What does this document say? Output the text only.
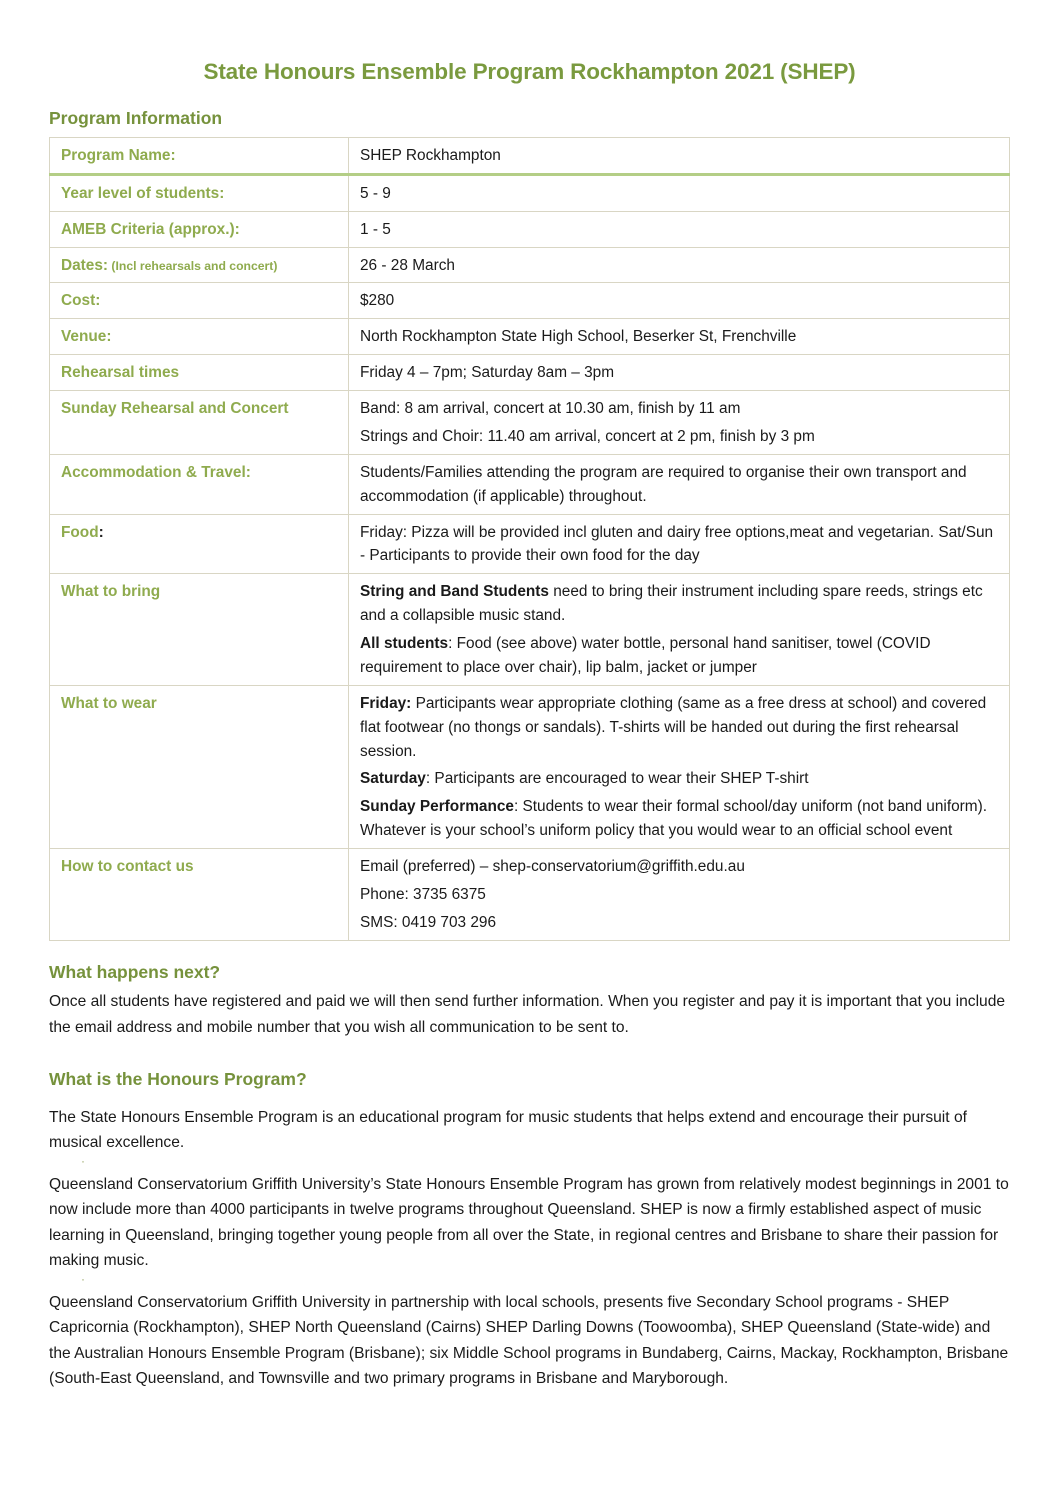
State Honours Ensemble Program Rockhampton 2021 (SHEP)
Program Information
Program Name:	SHEP Rockhampton

Year level of students:	5 - 9

AMEB Criteria (approx.):	1 - 5

Dates: (Incl rehearsals and concert)	26 - 28 March

Cost:	$280

Venue:	North Rockhampton State High School, Beserker St, Frenchville

Rehearsal times	Friday 4 – 7pm; Saturday 8am – 3pm

Sunday Rehearsal and Concert	Band: 8 am arrival, concert at 10.30 am, finish by 11 am

Strings and Choir: 11.40 am arrival, concert at 2 pm, finish by 3 pm

Accommodation & Travel:	Students/Families attending the program are required to organise their own transport and accommodation (if applicable) throughout.

Food:	Friday: Pizza will be provided incl gluten and dairy free options,meat and vegetarian. Sat/Sun - Participants to provide their own food for the day

What to bring	String and Band Students need to bring their instrument including spare reeds, strings etc and a collapsible music stand.

All students: Food (see above) water bottle, personal hand sanitiser, towel (COVID requirement to place over chair), lip balm, jacket or jumper

What to wear	Friday: Participants wear appropriate clothing (same as a free dress at school) and covered flat footwear (no thongs or sandals). T-shirts will be handed out during the first rehearsal session.

Saturday: Participants are encouraged to wear their SHEP T-shirt

Sunday Performance: Students to wear their formal school/day uniform (not band uniform). Whatever is your school’s uniform policy that you would wear to an official school event

How to contact us	Email (preferred) – shep-conservatorium@griffith.edu.au

Phone: 3735 6375

SMS: 0419 703 296

What happens next?

Once all students have registered and paid we will then send further information. When you register and pay it is important that you include the email address and mobile number that you wish all communication to be sent to.

What is the Honours Program?

The State Honours Ensemble Program is an educational program for music students that helps extend and encourage their pursuit of musical excellence.

·

Queensland Conservatorium Griffith University’s State Honours Ensemble Program has grown from relatively modest beginnings in 2001 to now include more than 4000 participants in twelve programs throughout Queensland. SHEP is now a firmly established aspect of music learning in Queensland, bringing together young people from all over the State, in regional centres and Brisbane to share their passion for making music.

·

Queensland Conservatorium Griffith University in partnership with local schools, presents five Secondary School programs - SHEP Capricornia (Rockhampton), SHEP North Queensland (Cairns) SHEP Darling Downs (Toowoomba), SHEP Queensland (State-wide) and the Australian Honours Ensemble Program (Brisbane); six Middle School programs in Bundaberg, Cairns, Mackay, Rockhampton, Brisbane (South-East Queensland, and Townsville and two primary programs in Brisbane and Maryborough.
